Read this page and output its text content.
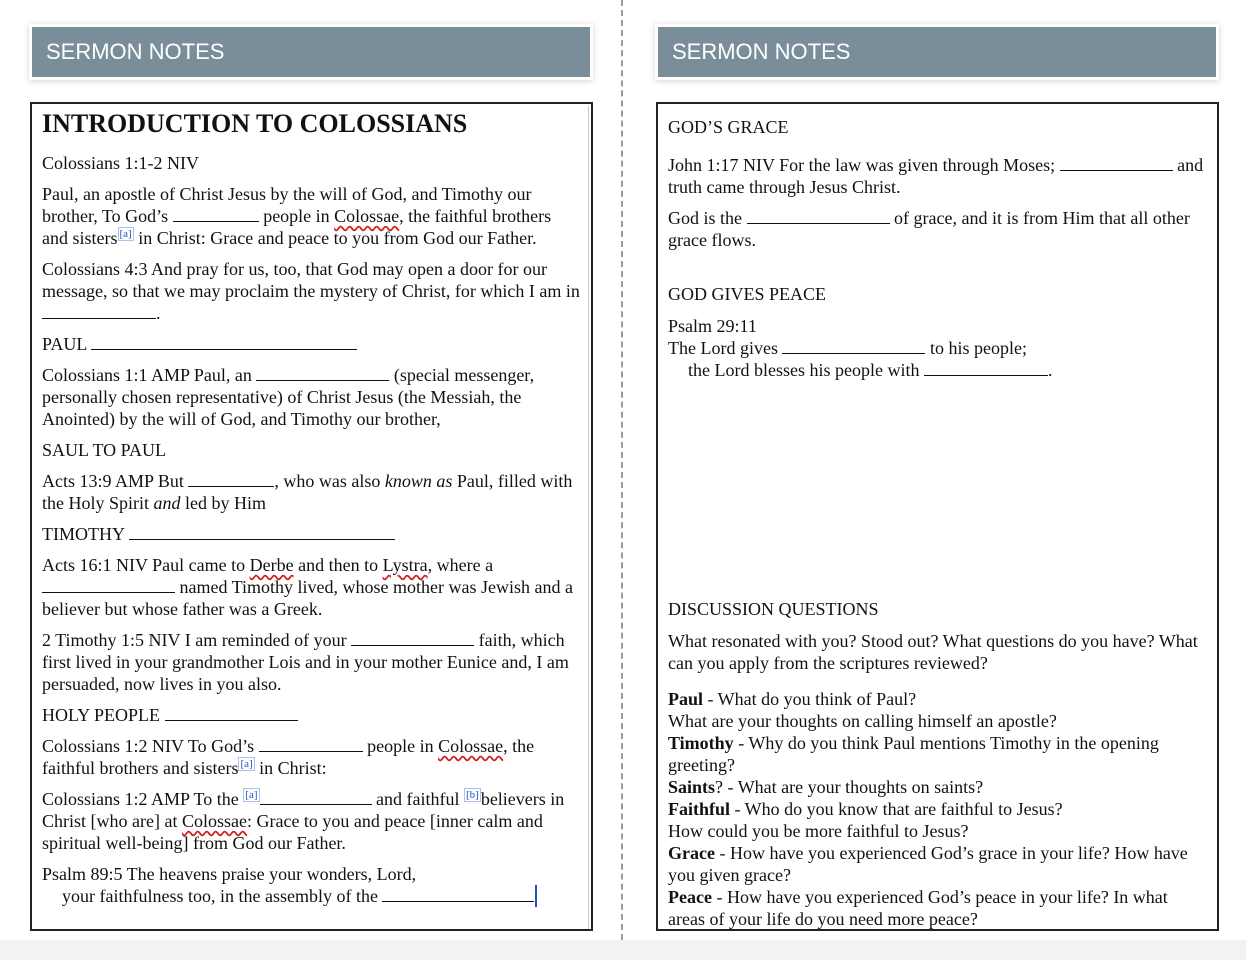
SERMON NOTES
INTRODUCTION TO COLOSSIANS
Colossians 1:1-2 NIV
Paul, an apostle of Christ Jesus by the will of God, and Timothy our brother, To God’s	people in Colossae, the faithful brothers and sisters [a] in Christ: Grace and peace to you from God our Father.
Colossians 4:3 And pray for us, too, that God may open a door for our message, so that we may proclaim the mystery of Christ, for which I am in .
PAUL
Colossians 1:1 AMP Paul, an	(special messenger, personally chosen representative) of Christ Jesus (the Messiah, the Anointed) by the will of God, and Timothy our brother,
SAUL TO PAUL
Acts 13:9 AMP But	, who was also known as Paul, filled with the Holy Spirit and led by Him
TIMOTHY
Acts 16:1 NIV Paul came to Derbe and then to Lystra, where a  named Timothy lived, whose mother was Jewish and a believer but whose father was a Greek.
2 Timothy 1:5 NIV I am reminded of your	faith, which first lived in your grandmother Lois and in your mother Eunice and, I am persuaded, now lives in you also.
HOLY PEOPLE
Colossians 1:2 NIV To God’s	people in Colossae, the faithful brothers and sisters [a] in Christ:
Colossians 1:2 AMP To the [a]	and faithful [b] believers in Christ [who are] at Colossae: Grace to you and peace [inner calm and spiritual well-being] from God our Father.
Psalm 89:5 The heavens praise your wonders, Lord,
your faithfulness too, in the assembly of the
SERMON NOTES
GOD’S GRACE
John 1:17 NIV For the law was given through Moses;	and truth came through Jesus Christ.
God is the	of grace, and it is from Him that all other grace flows.
GOD GIVES PEACE
Psalm 29:11
The Lord gives	to his people;
the Lord blesses his people with	.
DISCUSSION QUESTIONS
What resonated with you? Stood out? What questions do you have? What can you apply from the scriptures reviewed?
Paul - What do you think of Paul?
What are your thoughts on calling himself an apostle?
Timothy - Why do you think Paul mentions Timothy in the opening greeting?
Saints? - What are your thoughts on saints?
Faithful - Who do you know that are faithful to Jesus?
How could you be more faithful to Jesus?
Grace - How have you experienced God’s grace in your life? How have you given grace?
Peace - How have you experienced God’s peace in your life? In what areas of your life do you need more peace?
